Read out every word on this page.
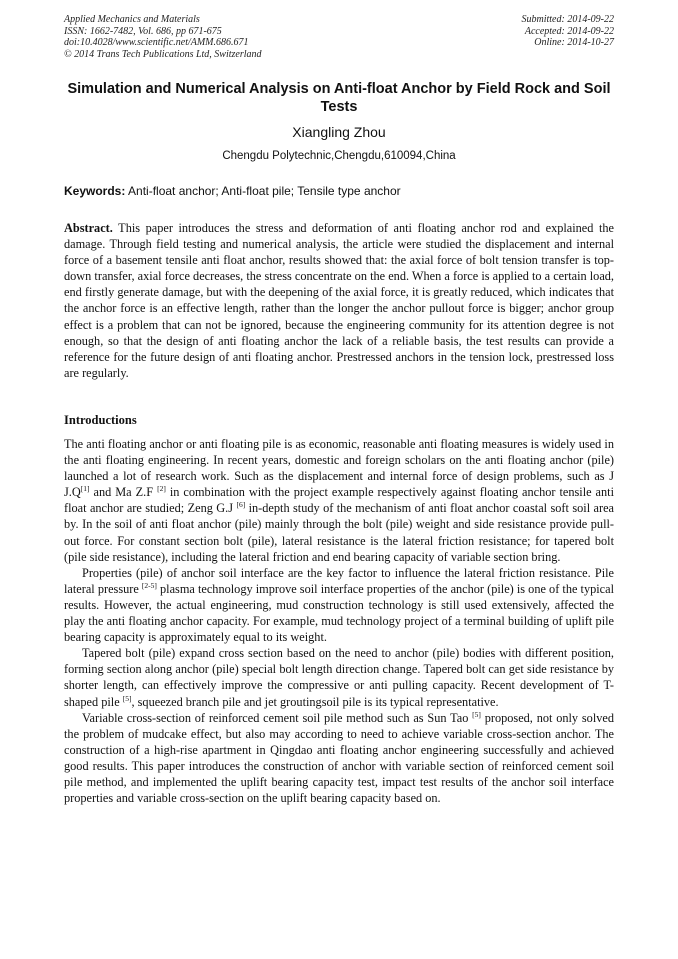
Applied Mechanics and Materials
ISSN: 1662-7482, Vol. 686, pp 671-675
doi:10.4028/www.scientific.net/AMM.686.671
© 2014 Trans Tech Publications Ltd, Switzerland
Submitted: 2014-09-22
Accepted: 2014-09-22
Online: 2014-10-27
Simulation and Numerical Analysis on Anti-float Anchor by Field Rock and Soil Tests
Xiangling Zhou
Chengdu Polytechnic,Chengdu,610094,China
Keywords: Anti-float anchor; Anti-float pile; Tensile type anchor
Abstract. This paper introduces the stress and deformation of anti floating anchor rod and explained the damage. Through field testing and numerical analysis, the article were studied the displacement and internal force of a basement tensile anti float anchor, results showed that: the axial force of bolt tension transfer is top-down transfer, axial force decreases, the stress concentrate on the end. When a force is applied to a certain load, end firstly generate damage, but with the deepening of the axial force, it is greatly reduced, which indicates that the anchor force is an effective length, rather than the longer the anchor pullout force is bigger; anchor group effect is a problem that can not be ignored, because the engineering community for its attention degree is not enough, so that the design of anti floating anchor the lack of a reliable basis, the test results can provide a reference for the future design of anti floating anchor. Prestressed anchors in the tension lock, prestressed loss are regularly.
Introductions

The anti floating anchor or anti floating pile is as economic, reasonable anti floating measures is widely used in the anti floating engineering. In recent years, domestic and foreign scholars on the anti floating anchor (pile) launched a lot of research work. Such as the displacement and internal force of design problems, such as J J.Q[1] and Ma Z.F [2] in combination with the project example respectively against floating anchor tensile anti float anchor are studied; Zeng G.J [6] in-depth study of the mechanism of anti float anchor coastal soft soil area by. In the soil of anti float anchor (pile) mainly through the bolt (pile) weight and side resistance provide pull-out force. For constant section bolt (pile), lateral resistance is the lateral friction resistance; for tapered bolt (pile side resistance), including the lateral friction and end bearing capacity of variable section bring.

Properties (pile) of anchor soil interface are the key factor to influence the lateral friction resistance. Pile lateral pressure [2-5] plasma technology improve soil interface properties of the anchor (pile) is one of the typical results. However, the actual engineering, mud construction technology is still used extensively, affected the play the anti floating anchor capacity. For example, mud technology project of a terminal building of uplift pile bearing capacity is approximately equal to its weight.

Tapered bolt (pile) expand cross section based on the need to anchor (pile) bodies with different position, forming section along anchor (pile) special bolt length direction change. Tapered bolt can get side resistance by shorter length, can effectively improve the compressive or anti pulling capacity. Recent development of T-shaped pile [5], squeezed branch pile and jet groutingsoil pile is its typical representative.

Variable cross-section of reinforced cement soil pile method such as Sun Tao [5] proposed, not only solved the problem of mudcake effect, but also may according to need to achieve variable cross-section anchor. The construction of a high-rise apartment in Qingdao anti floating anchor engineering successfully and achieved good results. This paper introduces the construction of anchor with variable section of reinforced cement soil pile method, and implemented the uplift bearing capacity test, impact test results of the anchor soil interface properties and variable cross-section on the uplift bearing capacity based on.
